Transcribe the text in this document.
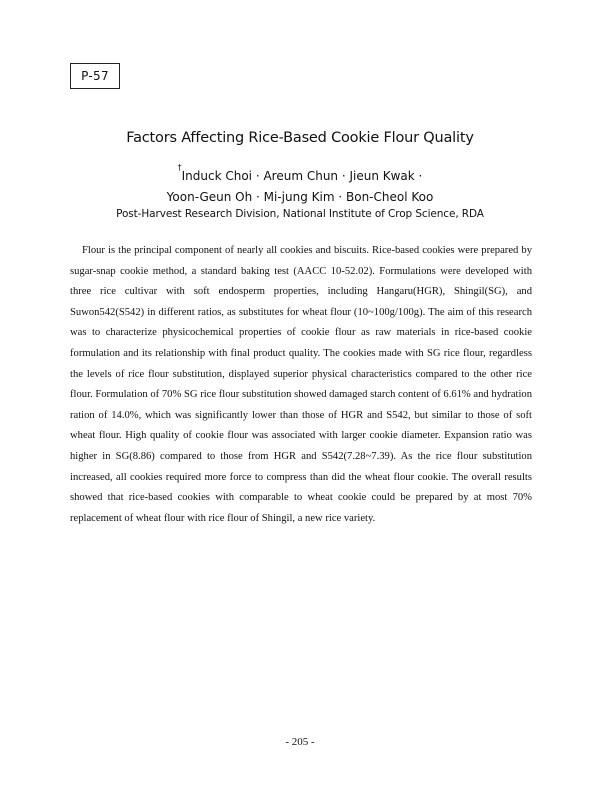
P-57
Factors Affecting Rice-Based Cookie Flour Quality
†Induck Choi · Areum Chun · Jieun Kwak ·
Yoon-Geun Oh · Mi-jung Kim · Bon-Cheol Koo
Post-Harvest Research Division, National Institute of Crop Science, RDA

Flour is the principal component of nearly all cookies and biscuits. Rice-based cookies were prepared by sugar-snap cookie method, a standard baking test (AACC 10-52.02). Formulations were developed with three rice cultivar with soft endosperm properties, including Hangaru(HGR), Shingil(SG), and Suwon542(S542) in different ratios, as substitutes for wheat flour (10~100g/100g). The aim of this research was to characterize physicochemical properties of cookie flour as raw materials in rice-based cookie formulation and its relationship with final product quality. The cookies made with SG rice flour, regardless the levels of rice flour substitution, displayed superior physical characteristics compared to the other rice flour. Formulation of 70% SG rice flour substitution showed damaged starch content of 6.61% and hydration ration of 14.0%, which was significantly lower than those of HGR and S542, but similar to those of soft wheat flour. High quality of cookie flour was associated with larger cookie diameter. Expansion ratio was higher in SG(8.86) compared to those from HGR and S542(7.28~7.39). As the rice flour substitution increased, all cookies required more force to compress than did the wheat flour cookie. The overall results showed that rice-based cookies with comparable to wheat cookie could be prepared by at most 70% replacement of wheat flour with rice flour of Shingil, a new rice variety.

- 205 -
